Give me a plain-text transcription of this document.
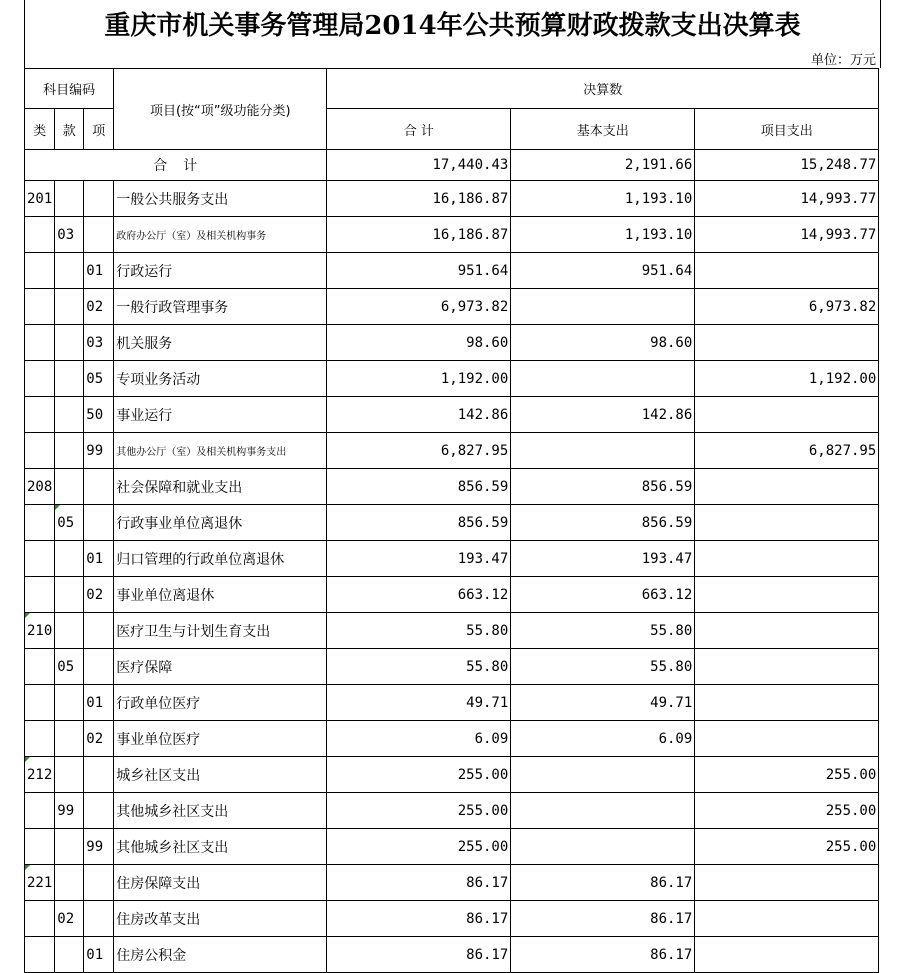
重庆市机关事务管理局2014年公共预算财政拨款支出决算表
单位：万元
科目编码			项目(按“项”级功能分类)	决算数		
类	款	项		合 计	基本支出	项目支出
合　计				17,440.43	2,191.66	15,248.77
201			一般公共服务支出	16,186.87	1,193.10	14,993.77
	03		政府办公厅（室）及相关机构事务	16,186.87	1,193.10	14,993.77
		01	行政运行	951.64	951.64	
		02	一般行政管理事务	6,973.82		6,973.82
		03	机关服务	98.60	98.60	
		05	专项业务活动	1,192.00		1,192.00
		50	事业运行	142.86	142.86	
		99	其他办公厅（室）及相关机构事务支出	6,827.95		6,827.95
208			社会保障和就业支出	856.59	856.59	
	05		行政事业单位离退休	856.59	856.59	
		01	归口管理的行政单位离退休	193.47	193.47	
		02	事业单位离退休	663.12	663.12	
210			医疗卫生与计划生育支出	55.80	55.80	
	05		医疗保障	55.80	55.80	
		01	行政单位医疗	49.71	49.71	
		02	事业单位医疗	6.09	6.09	
212			城乡社区支出	255.00		255.00
	99		其他城乡社区支出	255.00		255.00
		99	其他城乡社区支出	255.00		255.00
221			住房保障支出	86.17	86.17	
	02		住房改革支出	86.17	86.17	
		01	住房公积金	86.17	86.17	
